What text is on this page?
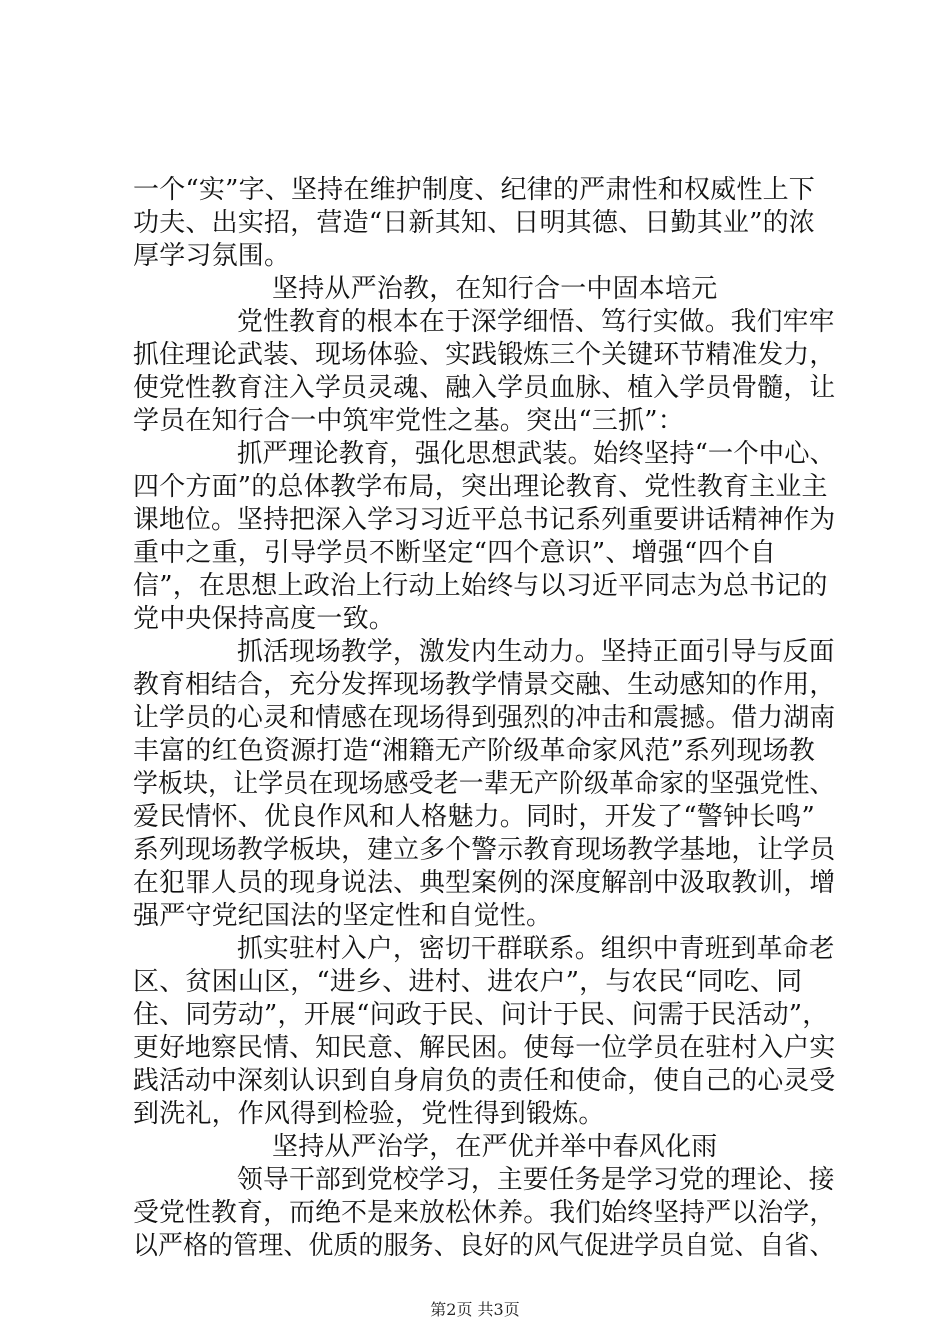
一个“实”字、坚持在维护制度、纪律的严肃性和权威性上下
功夫、出实招，营造“日新其知、日明其德、日勤其业”的浓
厚学习氛围。
坚持从严治教，在知行合一中固本培元
党性教育的根本在于深学细悟、笃行实做。我们牢牢
抓住理论武装、现场体验、实践锻炼三个关键环节精准发力，
使党性教育注入学员灵魂、融入学员血脉、植入学员骨髓，让
学员在知行合一中筑牢党性之基。突出“三抓”：
抓严理论教育，强化思想武装。始终坚持“一个中心、
四个方面”的总体教学布局，突出理论教育、党性教育主业主
课地位。坚持把深入学习习近平总书记系列重要讲话精神作为
重中之重，引导学员不断坚定“四个意识”、增强“四个自
信”，在思想上政治上行动上始终与以习近平同志为总书记的
党中央保持高度一致。
抓活现场教学，激发内生动力。坚持正面引导与反面
教育相结合，充分发挥现场教学情景交融、生动感知的作用，
让学员的心灵和情感在现场得到强烈的冲击和震撼。借力湖南
丰富的红色资源打造“湘籍无产阶级革命家风范”系列现场教
学板块，让学员在现场感受老一辈无产阶级革命家的坚强党性、
爱民情怀、优良作风和人格魅力。同时，开发了“警钟长鸣”
系列现场教学板块，建立多个警示教育现场教学基地，让学员
在犯罪人员的现身说法、典型案例的深度解剖中汲取教训，增
强严守党纪国法的坚定性和自觉性。
抓实驻村入户，密切干群联系。组织中青班到革命老
区、贫困山区，“进乡、进村、进农户”，与农民“同吃、同
住、同劳动”，开展“问政于民、问计于民、问需于民活动”，
更好地察民情、知民意、解民困。使每一位学员在驻村入户实
践活动中深刻认识到自身肩负的责任和使命，使自己的心灵受
到洗礼，作风得到检验，党性得到锻炼。
坚持从严治学，在严优并举中春风化雨
领导干部到党校学习，主要任务是学习党的理论、接
受党性教育，而绝不是来放松休养。我们始终坚持严以治学，
以严格的管理、优质的服务、良好的风气促进学员自觉、自省、
第2页 共3页
